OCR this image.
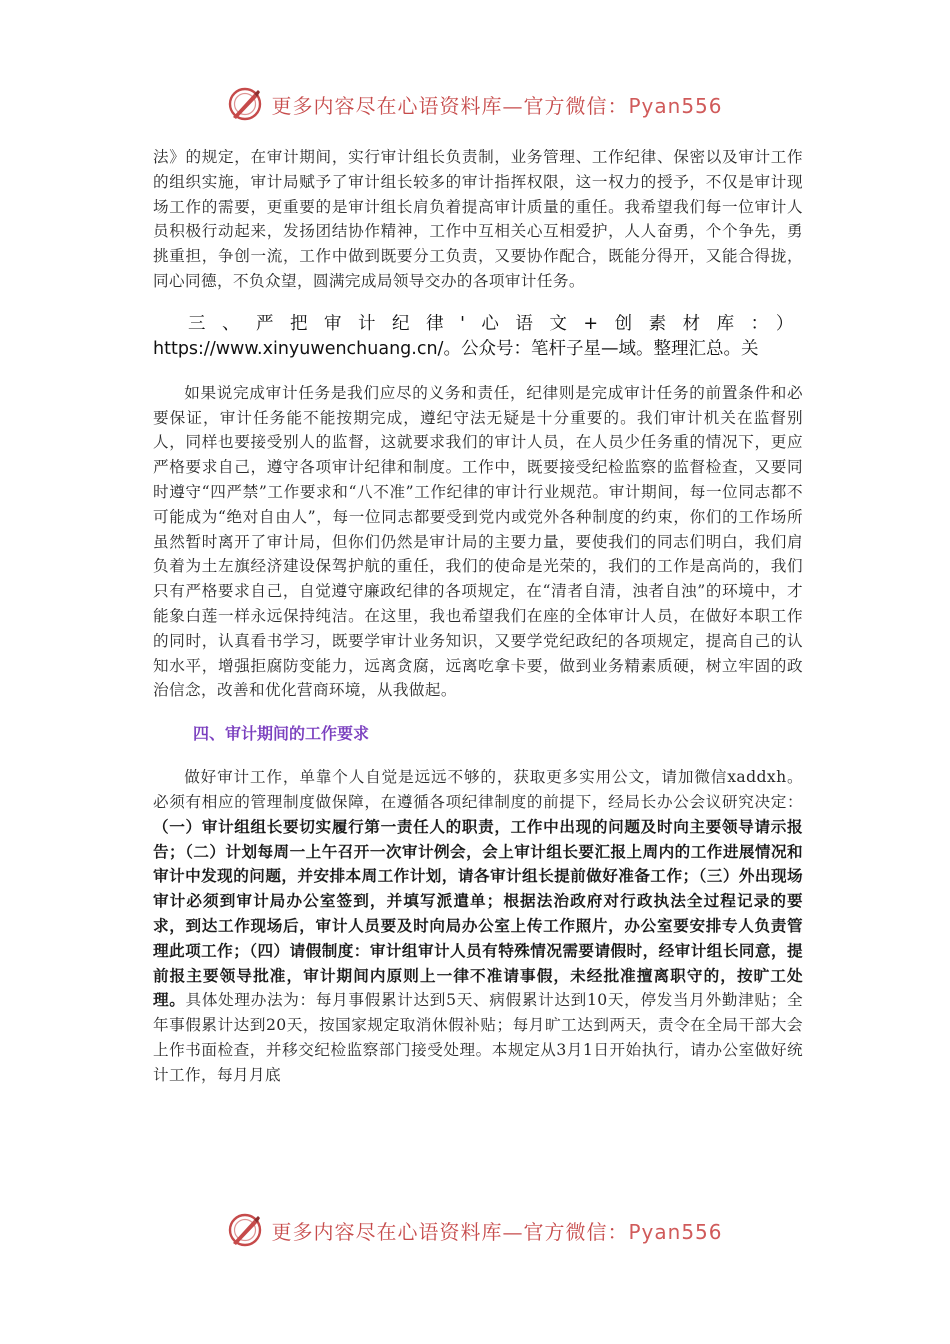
更多内容尽在心语资料库—官方微信：Pyan556

法》的规定，在审计期间，实行审计组长负责制，业务管理、工作纪律、保密以及审计工作的组织实施，审计局赋予了审计组长较多的审计指挥权限，这一权力的授予，不仅是审计现场工作的需要，更重要的是审计组长肩负着提高审计质量的重任。我希望我们每一位审计人员积极行动起来，发扬团结协作精神，工作中互相关心互相爱护，人人奋勇，个个争先，勇挑重担，争创一流，工作中做到既要分工负责，又要协作配合，既能分得开，又能合得拢，同心同德，不负众望，圆满完成局领导交办的各项审计任务。

三、严把审计纪律'心语文+创素材库：）https://www.xinyuwenchuang.cn/。公众号：笔杆子星—域。整理汇总。关

如果说完成审计任务是我们应尽的义务和责任，纪律则是完成审计任务的前置条件和必要保证，审计任务能不能按期完成，遵纪守法无疑是十分重要的。我们审计机关在监督别人，同样也要接受别人的监督，这就要求我们的审计人员，在人员少任务重的情况下，更应严格要求自己，遵守各项审计纪律和制度。工作中，既要接受纪检监察的监督检查，又要同时遵守“四严禁”工作要求和“八不准”工作纪律的审计行业规范。审计期间，每一位同志都不可能成为“绝对自由人”，每一位同志都要受到党内或党外各种制度的约束，你们的工作场所虽然暂时离开了审计局，但你们仍然是审计局的主要力量，要使我们的同志们明白，我们肩负着为土左旗经济建设保驾护航的重任，我们的使命是光荣的，我们的工作是高尚的，我们只有严格要求自己，自觉遵守廉政纪律的各项规定，在“清者自清，浊者自浊”的环境中，才能象白莲一样永远保持纯洁。在这里，我也希望我们在座的全体审计人员，在做好本职工作的同时，认真看书学习，既要学审计业务知识，又要学党纪政纪的各项规定，提高自己的认知水平，增强拒腐防变能力，远离贪腐，远离吃拿卡要，做到业务精素质硬，树立牢固的政治信念，改善和优化营商环境，从我做起。

四、审计期间的工作要求

做好审计工作，单靠个人自觉是远远不够的，获取更多实用公文，请加微信xaddxh。必须有相应的管理制度做保障，在遵循各项纪律制度的前提下，经局长办公会议研究决定：（一）审计组组长要切实履行第一责任人的职责，工作中出现的问题及时向主要领导请示报告；（二）计划每周一上午召开一次审计例会，会上审计组长要汇报上周内的工作进展情况和审计中发现的问题，并安排本周工作计划，请各审计组长提前做好准备工作；（三）外出现场审计必须到审计局办公室签到，并填写派遣单；根据法治政府对行政执法全过程记录的要求，到达工作现场后，审计人员要及时向局办公室上传工作照片，办公室要安排专人负责管理此项工作；（四）请假制度：审计组审计人员有特殊情况需要请假时，经审计组长同意，提前报主要领导批准，审计期间内原则上一律不准请事假，未经批准擅离职守的，按旷工处理。具体处理办法为：每月事假累计达到5天、病假累计达到10天，停发当月外勤津贴；全年事假累计达到20天，按国家规定取消休假补贴；每月旷工达到两天，责令在全局干部大会上作书面检查，并移交纪检监察部门接受处理。本规定从3月1日开始执行，请办公室做好统计工作，每月月底

更多内容尽在心语资料库—官方微信：Pyan556
